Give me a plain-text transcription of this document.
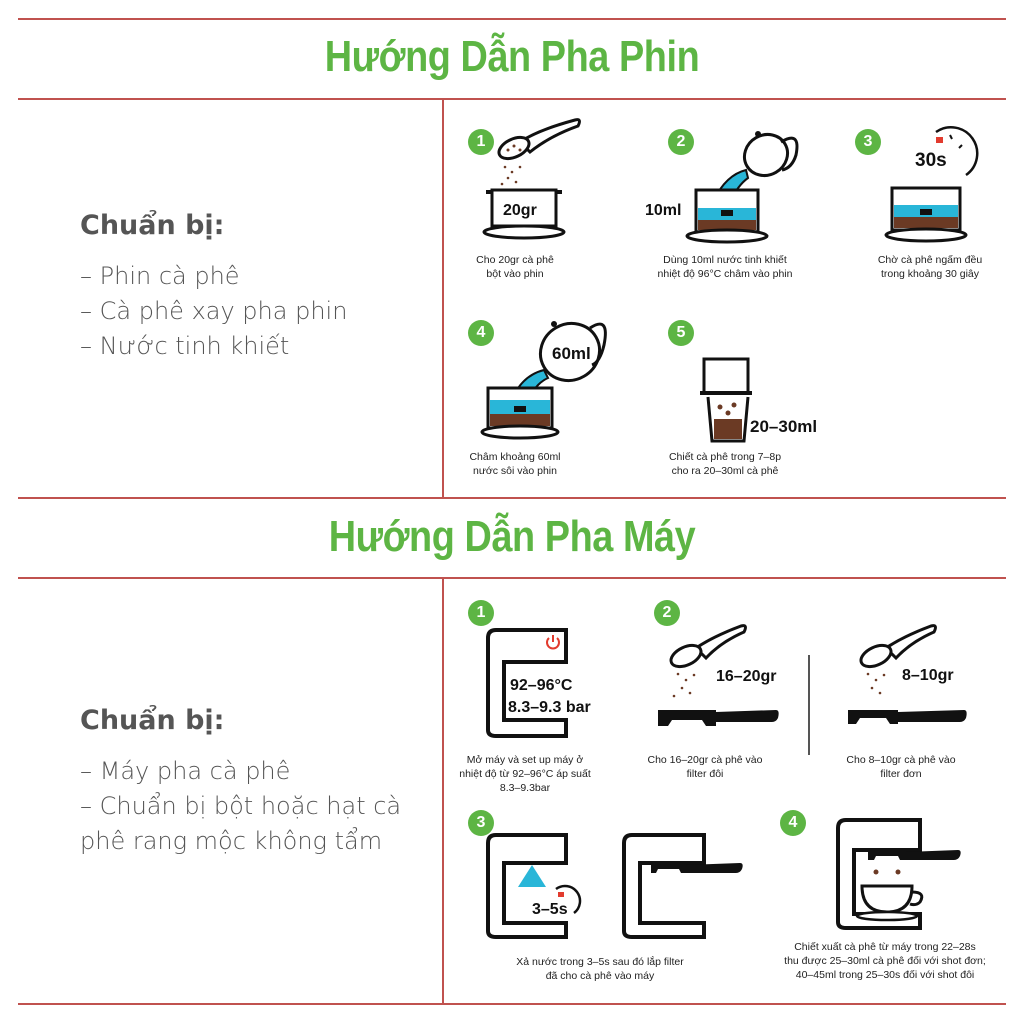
Hướng Dẫn Pha Phin
Chuẩn bị:
– Phin cà phê
– Cà phê xay pha phin
– Nước tinh khiết
1
20gr
Cho 20gr cà phê
bột vào phin
2
10ml
Dùng 10ml nước tinh khiết
nhiệt độ 96°C châm vào phin
3
30s
Chờ cà phê ngấm đều
trong khoảng 30 giây
4
60ml
Châm khoảng 60ml
nước sôi vào phin
5
20–30ml
Chiết cà phê trong 7–8p
cho ra 20–30ml cà phê
Hướng Dẫn Pha Máy
Chuẩn bị:
– Máy pha cà phê
– Chuẩn bị bột hoặc hạt cà
phê rang mộc không tẩm
1
92–96°C
8.3–9.3 bar
Mở máy và set up máy ở
nhiệt độ từ 92–96°C áp suất
8.3–9.3bar
2
16–20gr
Cho 16–20gr cà phê vào
filter đôi
8–10gr
Cho 8–10gr cà phê vào
filter đơn
3
3–5s
Xả nước trong 3–5s sau đó lắp filter
đã cho cà phê vào máy
4
Chiết xuất cà phê từ máy trong 22–28s
thu được 25–30ml cà phê đối với shot đơn;
40–45ml trong 25–30s đối với shot đôi
